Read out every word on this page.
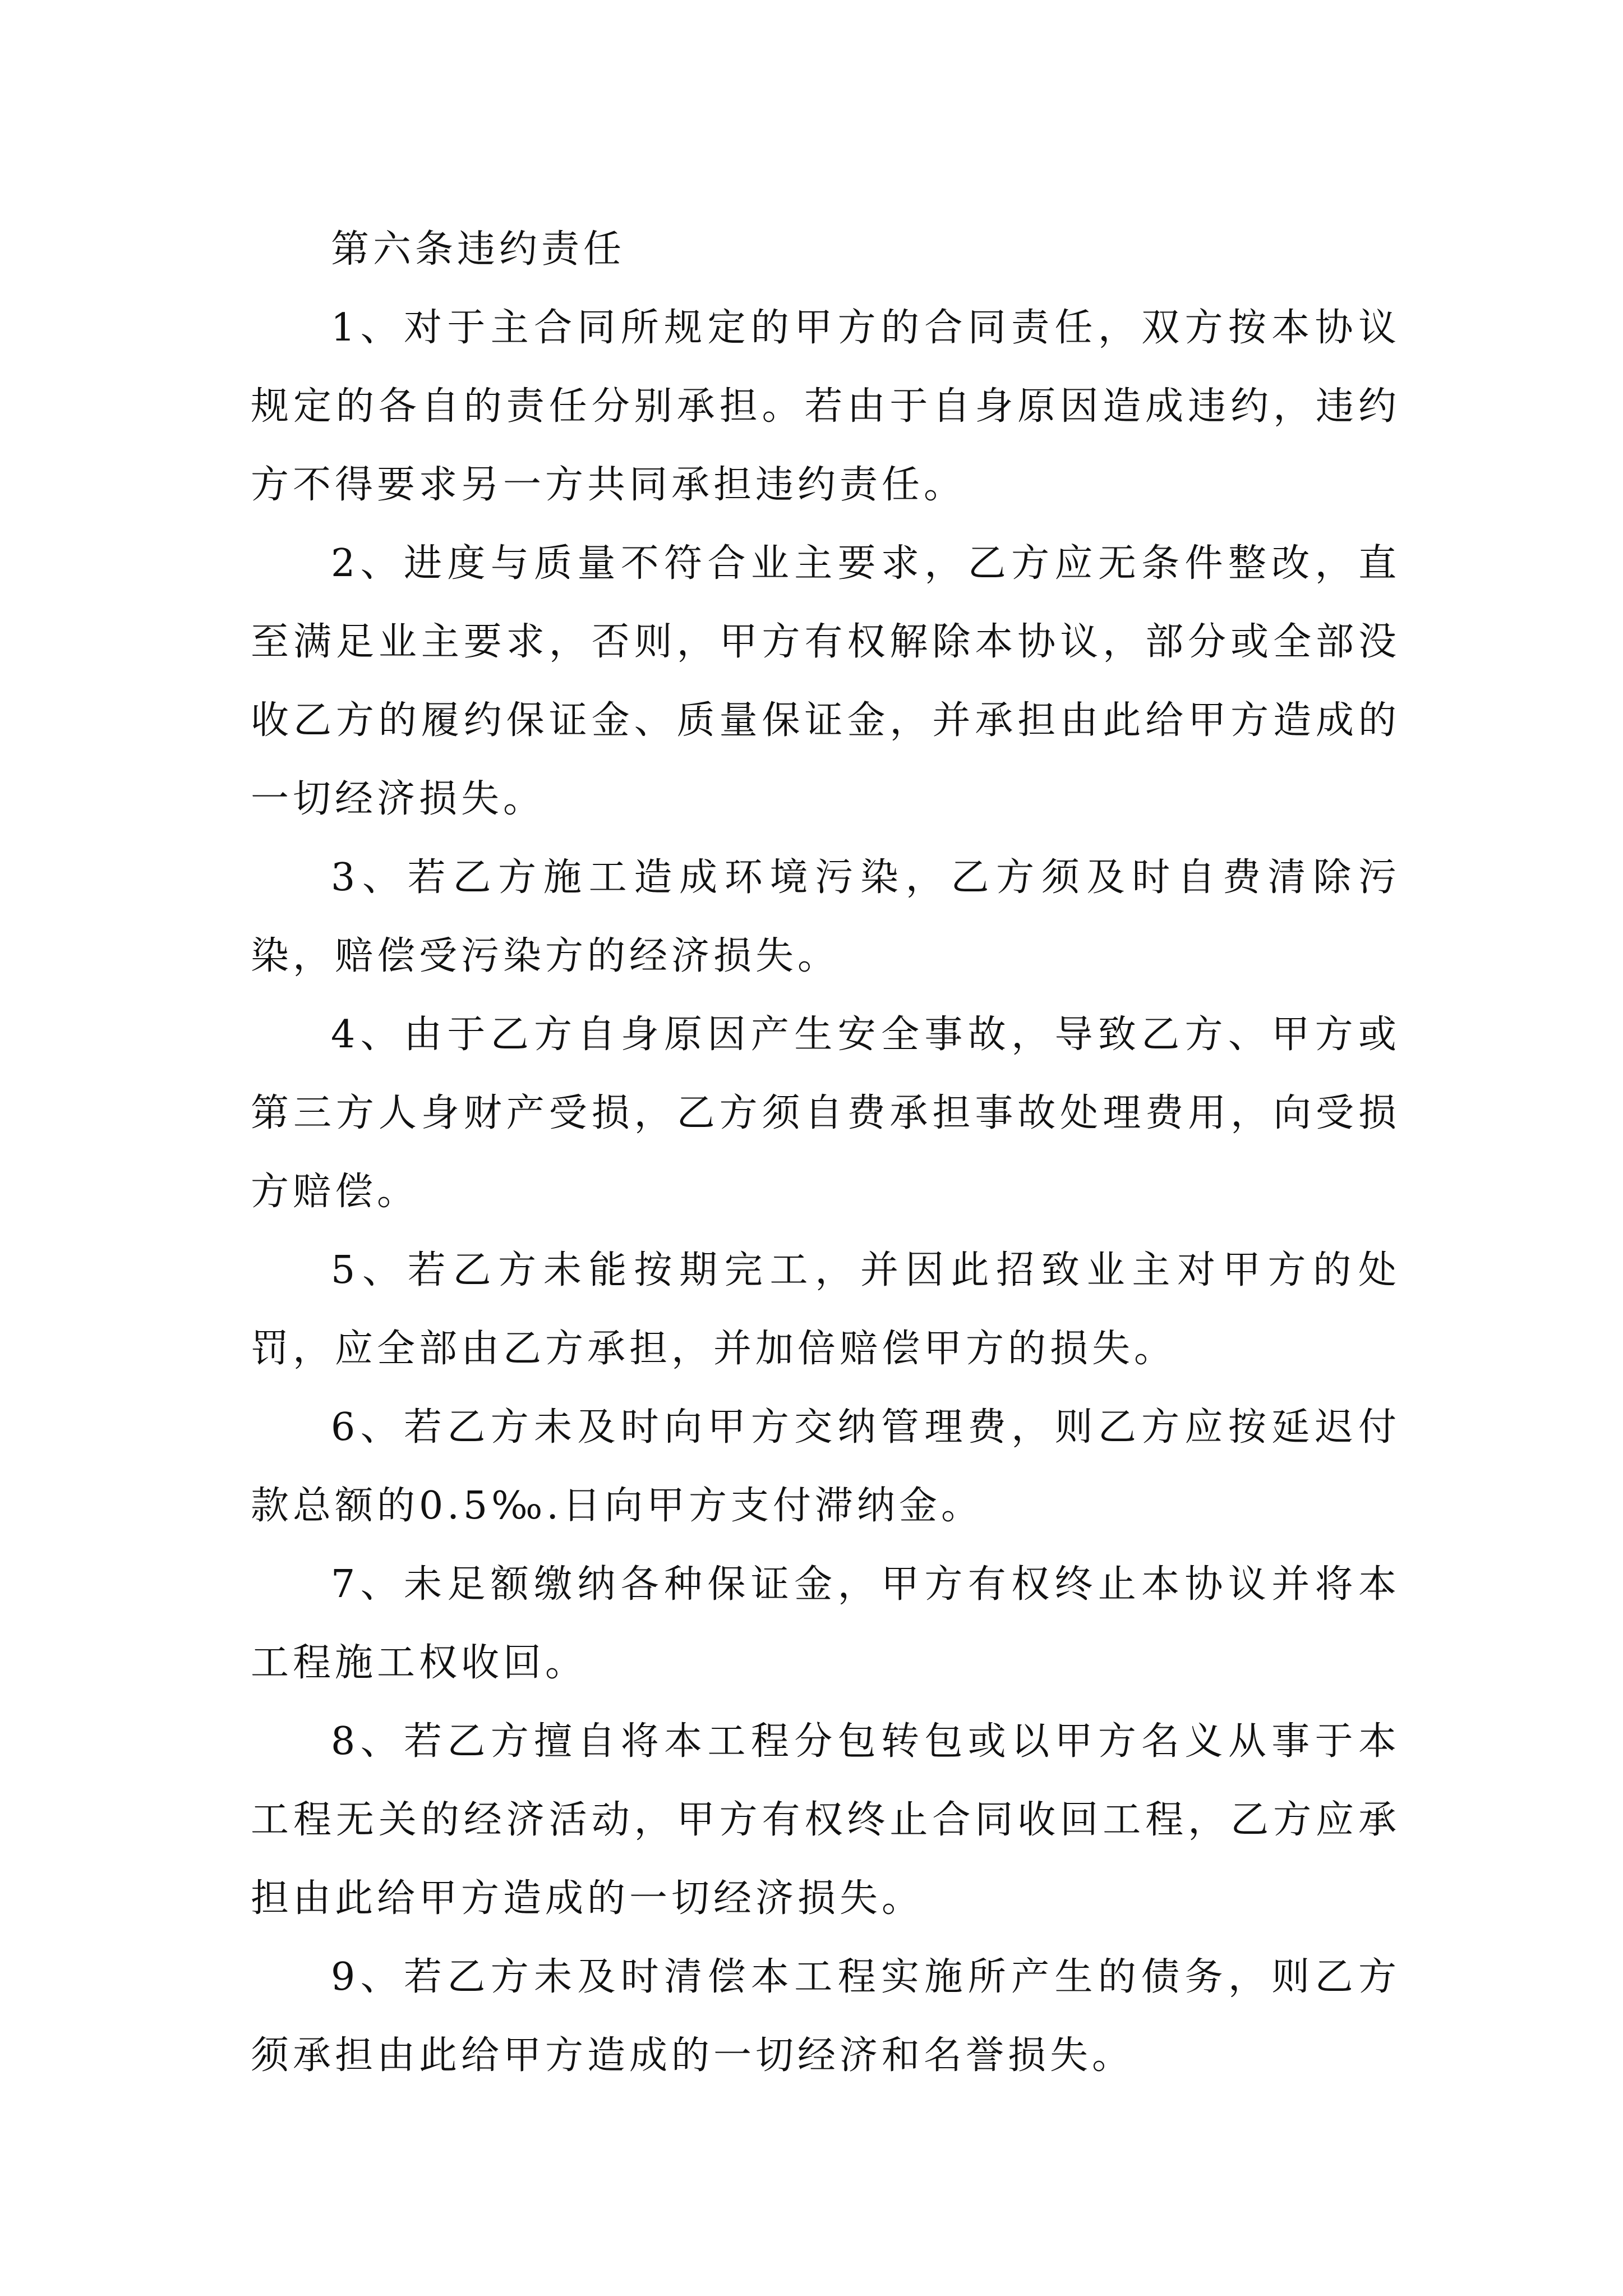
第六条违约责任

1、对于主合同所规定的甲方的合同责任，双方按本协议规定的各自的责任分别承担。若由于自身原因造成违约，违约方不得要求另一方共同承担违约责任。

2、进度与质量不符合业主要求，乙方应无条件整改，直至满足业主要求，否则，甲方有权解除本协议，部分或全部没收乙方的履约保证金、质量保证金，并承担由此给甲方造成的一切经济损失。

3、若乙方施工造成环境污染，乙方须及时自费清除污染，赔偿受污染方的经济损失。

4、由于乙方自身原因产生安全事故，导致乙方、甲方或第三方人身财产受损，乙方须自费承担事故处理费用，向受损方赔偿。

5、若乙方未能按期完工，并因此招致业主对甲方的处罚，应全部由乙方承担，并加倍赔偿甲方的损失。

6、若乙方未及时向甲方交纳管理费，则乙方应按延迟付款总额的0.5‰.日向甲方支付滞纳金。

7、未足额缴纳各种保证金，甲方有权终止本协议并将本工程施工权收回。

8、若乙方擅自将本工程分包转包或以甲方名义从事于本工程无关的经济活动，甲方有权终止合同收回工程，乙方应承担由此给甲方造成的一切经济损失。

9、若乙方未及时清偿本工程实施所产生的债务，则乙方须承担由此给甲方造成的一切经济和名誉损失。
